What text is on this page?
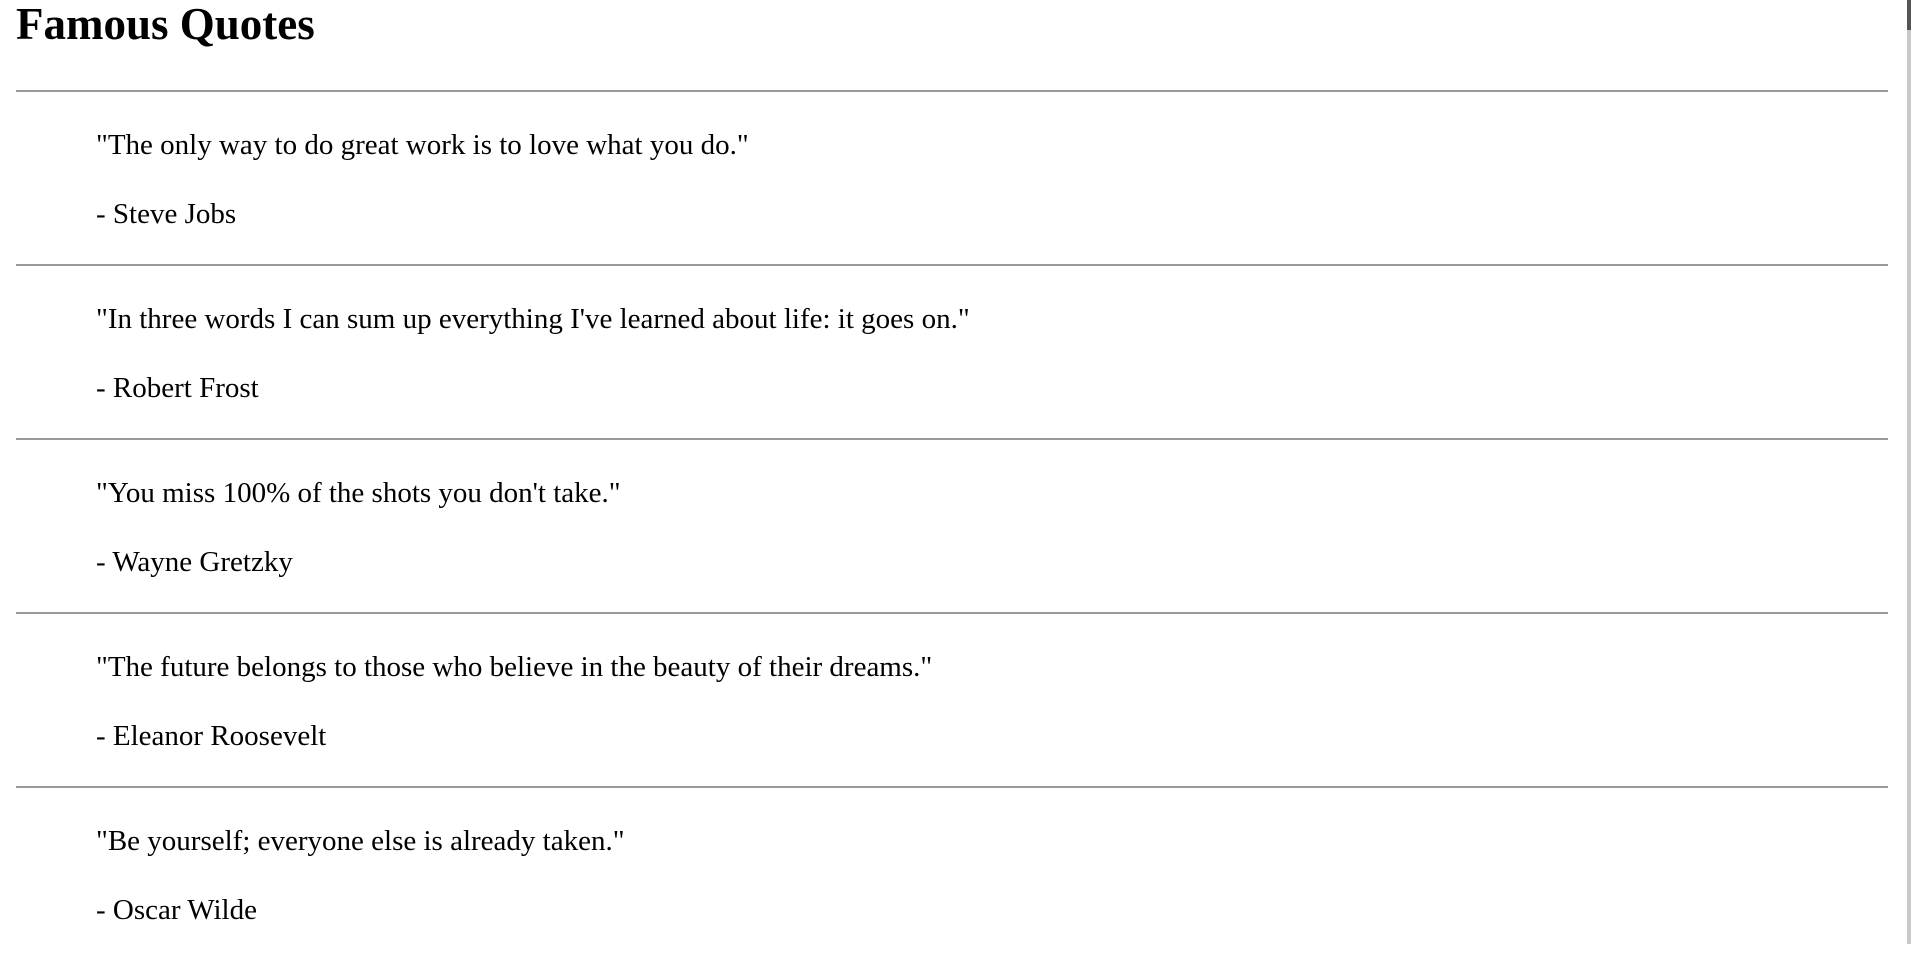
Famous Quotes

"The only way to do great work is to love what you do."

- Steve Jobs

"In three words I can sum up everything I've learned about life: it goes on."

- Robert Frost

"You miss 100% of the shots you don't take."

- Wayne Gretzky

"The future belongs to those who believe in the beauty of their dreams."

- Eleanor Roosevelt

"Be yourself; everyone else is already taken."

- Oscar Wilde
